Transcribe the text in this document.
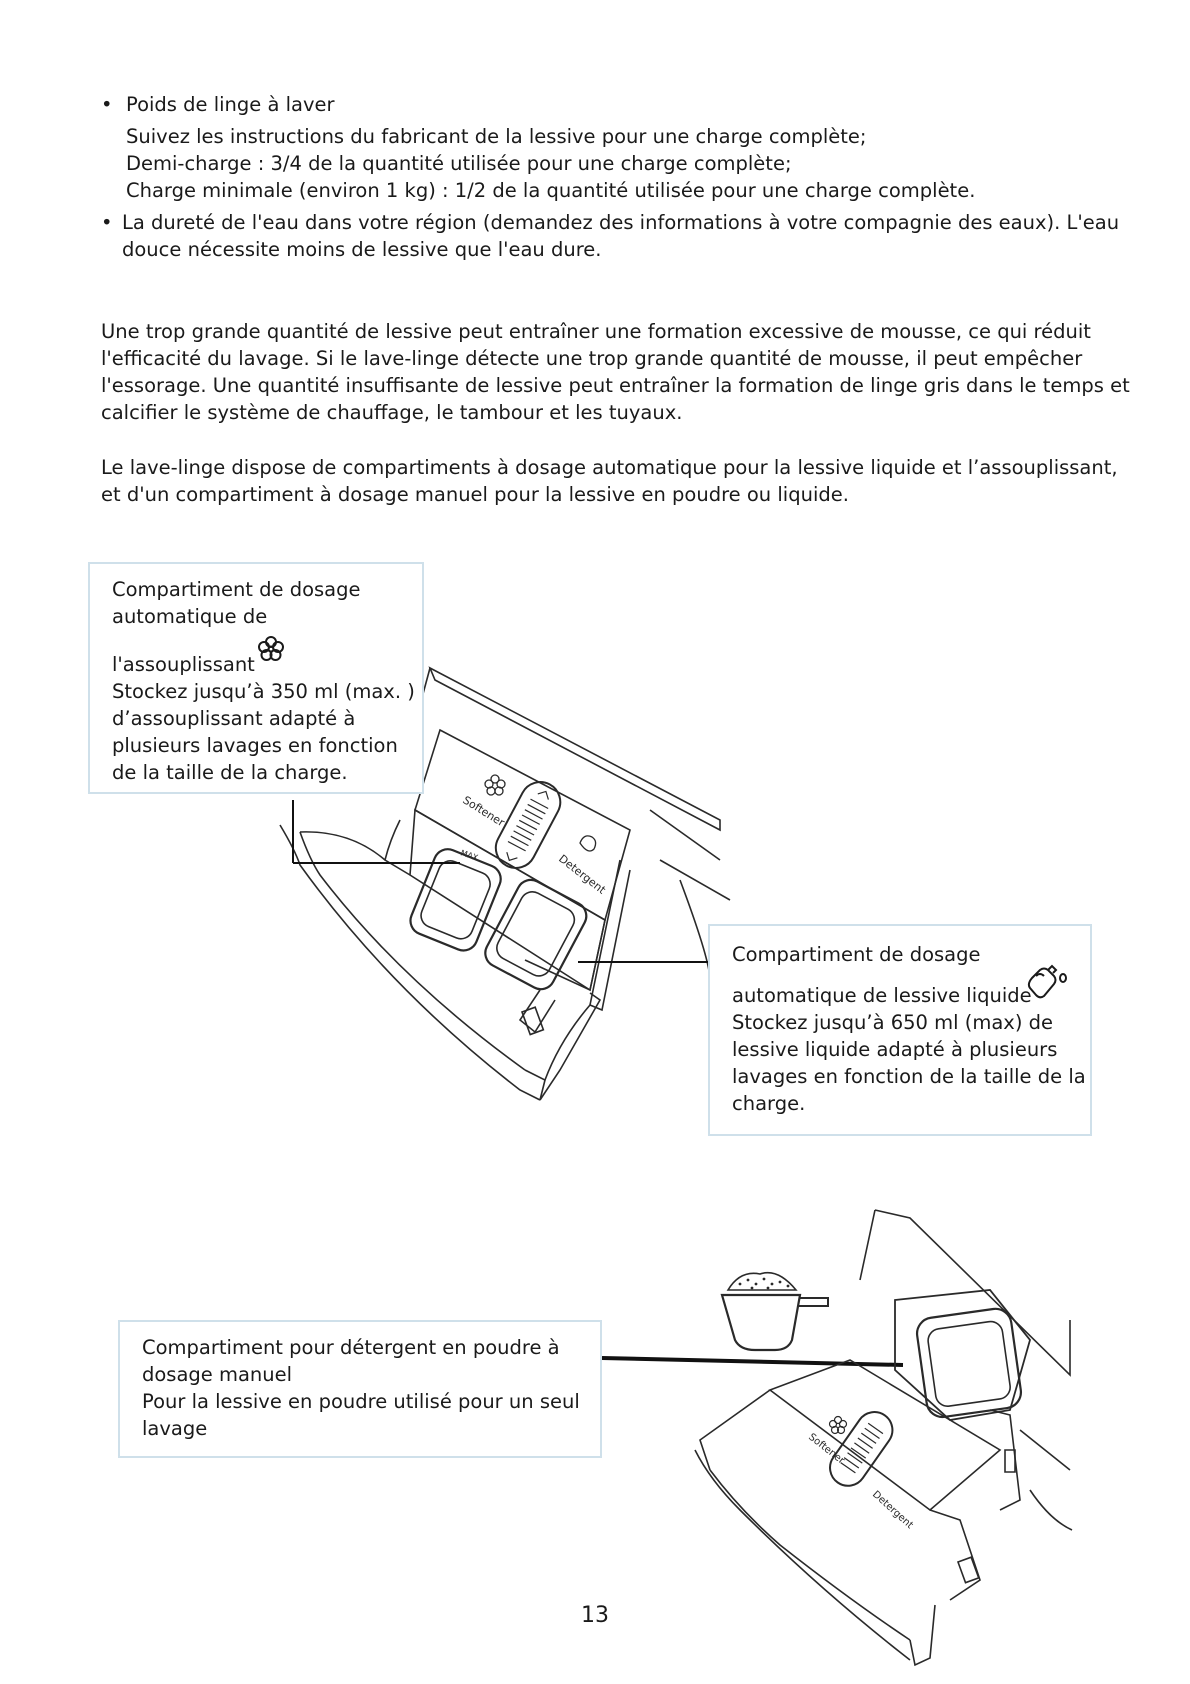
• Poids de linge à laver
Suivez les instructions du fabricant de la lessive pour une charge complète;
Demi-charge : 3/4 de la quantité utilisée pour une charge complète;
Charge minimale (environ 1 kg) : 1/2 de la quantité utilisée pour une charge complète.
• La dureté de l'eau dans votre région (demandez des informations à votre compagnie des eaux). L'eau
douce nécessite moins de lessive que l'eau dure.
Une trop grande quantité de lessive peut entraîner une formation excessive de mousse, ce qui réduit
l'efficacité du lavage. Si le lave-linge détecte une trop grande quantité de mousse, il peut empêcher
l'essorage. Une quantité insuffisante de lessive peut entraîner la formation de linge gris dans le temps et
calcifier le système de chauffage, le tambour et les tuyaux.
Le lave-linge dispose de compartiments à dosage automatique pour la lessive liquide et l’assouplissant,
et d'un compartiment à dosage manuel pour la lessive en poudre ou liquide.
Softener
Detergent
MAX
Compartiment de dosage
automatique de
l'assouplissant
Stockez jusqu’à 350 ml (max. )
d’assouplissant adapté à
plusieurs lavages en fonction
de la taille de la charge.
Compartiment de dosage
automatique de lessive liquide
Stockez jusqu’à 650 ml (max) de
lessive liquide adapté à plusieurs
lavages en fonction de la taille de la
charge.
Softener
Detergent
Compartiment pour détergent en poudre à
dosage manuel
Pour la lessive en poudre utilisé pour un seul
lavage
13
